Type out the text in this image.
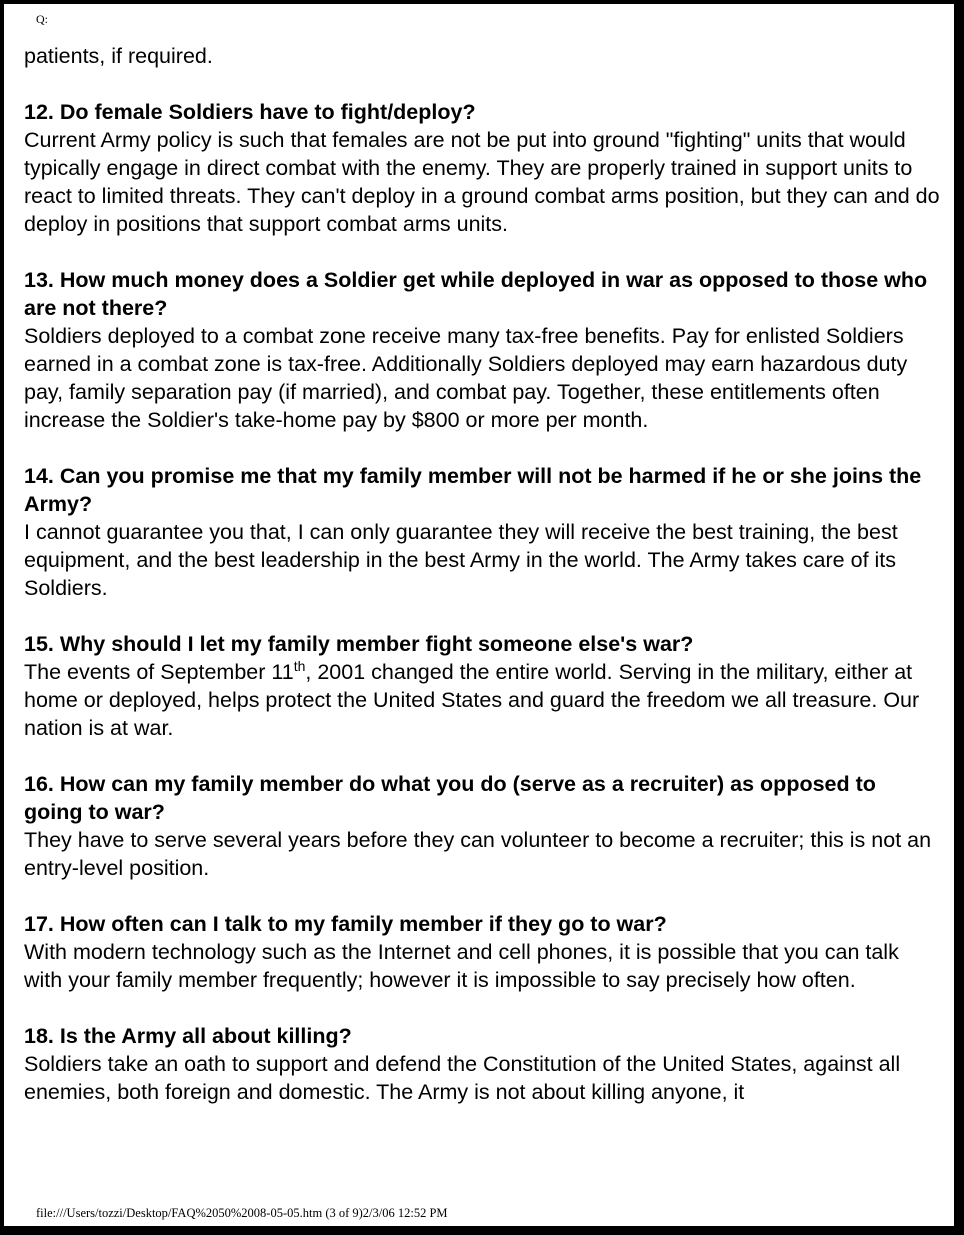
Q:

patients, if required.

12. Do female Soldiers have to fight/deploy?

Current Army policy is such that females are not be put into ground "fighting" units that would typically engage in direct combat with the enemy. They are properly trained in support units to react to limited threats. They can't deploy in a ground combat arms position, but they can and do deploy in positions that support combat arms units.

13. How much money does a Soldier get while deployed in war as opposed to those who are not there?

Soldiers deployed to a combat zone receive many tax-free benefits. Pay for enlisted Soldiers earned in a combat zone is tax-free. Additionally Soldiers deployed may earn hazardous duty pay, family separation pay (if married), and combat pay. Together, these entitlements often increase the Soldier's take-home pay by $800 or more per month.

14. Can you promise me that my family member will not be harmed if he or she joins the Army?

I cannot guarantee you that, I can only guarantee they will receive the best training, the best equipment, and the best leadership in the best Army in the world. The Army takes care of its Soldiers.

15. Why should I let my family member fight someone else's war?

The events of September 11th, 2001 changed the entire world. Serving in the military, either at home or deployed, helps protect the United States and guard the freedom we all treasure. Our nation is at war.

16. How can my family member do what you do (serve as a recruiter) as opposed to going to war?

They have to serve several years before they can volunteer to become a recruiter; this is not an entry-level position.

17. How often can I talk to my family member if they go to war?

With modern technology such as the Internet and cell phones, it is possible that you can talk with your family member frequently; however it is impossible to say precisely how often.

18. Is the Army all about killing?

Soldiers take an oath to support and defend the Constitution of the United States, against all enemies, both foreign and domestic. The Army is not about killing anyone, it

file:///Users/tozzi/Desktop/FAQ%2050%2008-05-05.htm (3 of 9)2/3/06 12:52 PM
